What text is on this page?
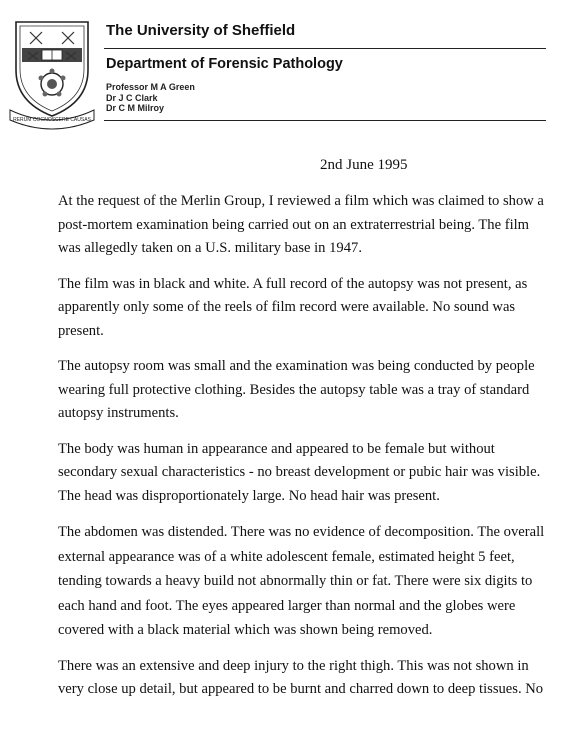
RERUM COGNOSCERE CAUSAS
The University of Sheffield
Department of Forensic Pathology
Professor M A Green
Dr J C Clark
Dr C M Milroy
2nd June 1995
At the request of the Merlin Group, I reviewed a film which was claimed to show a
post-mortem examination being carried out on an extraterrestrial being. The film
was allegedly taken on a U.S. military base in 1947.
The film was in black and white. A full record of the autopsy was not present, as
apparently only some of the reels of film record were available. No sound was
present.
The autopsy room was small and the examination was being conducted by people
wearing full protective clothing. Besides the autopsy table was a tray of standard
autopsy instruments.
The body was human in appearance and appeared to be female but without
secondary sexual characteristics - no breast development or pubic hair was visible.
The head was disproportionately large. No head hair was present.
The abdomen was distended. There was no evidence of decomposition. The overall
external appearance was of a white adolescent female, estimated height 5 feet,
tending towards a heavy build not abnormally thin or fat. There were six digits to
each hand and foot. The eyes appeared larger than normal and the globes were
covered with a black material which was shown being removed.
There was an extensive and deep injury to the right thigh. This was not shown in
very close up detail, but appeared to be burnt and charred down to deep tissues. No
